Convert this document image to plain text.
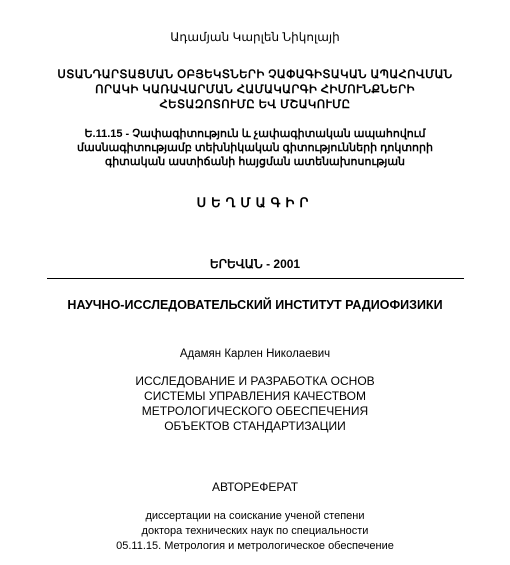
Ադամյան Կարլեն Նիկոլայի
ՍՏԱՆԴԱՐՏԱՑՄԱՆ ՕԲՅԵԿՏՆԵՐԻ ՉԱՓԱԳԻՏԱԿԱՆ ԱՊԱՀՈՎՄԱՆ
ՈՐԱԿԻ ԿԱՌԱՎԱՐՄԱՆ ՀԱՄԱԿԱՐԳԻ ՀԻՄՈՒՆՔՆԵՐԻ
ՀԵՏԱԶՈՏՈՒՄԸ ԵՎ ՄՇԱԿՈՒՄԸ
Ե.11.15 - Չափագիտություն և չափագիտական ապահովում
մասնագիտությամբ տեխնիկական գիտությունների դոկտորի
գիտական աստիճանի հայցման ատենախոսության
ՍԵՂՄԱԳԻՐ
ԵՐԵՎԱՆ - 2001
НАУЧНО-ИССЛЕДОВАТЕЛЬСКИЙ ИНСТИТУТ РАДИОФИЗИКИ
Адамян Карлен Николаевич
ИССЛЕДОВАНИЕ И РАЗРАБОТКА ОСНОВ
СИСТЕМЫ УПРАВЛЕНИЯ КАЧЕСТВОМ
МЕТРОЛОГИЧЕСКОГО ОБЕСПЕЧЕНИЯ
ОБЪЕКТОВ СТАНДАРТИЗАЦИИ
АВТОРЕФЕРАТ
диссертации на соискание ученой степени
доктора технических наук по специальности
05.11.15. Метрология и метрологическое обеспечение
